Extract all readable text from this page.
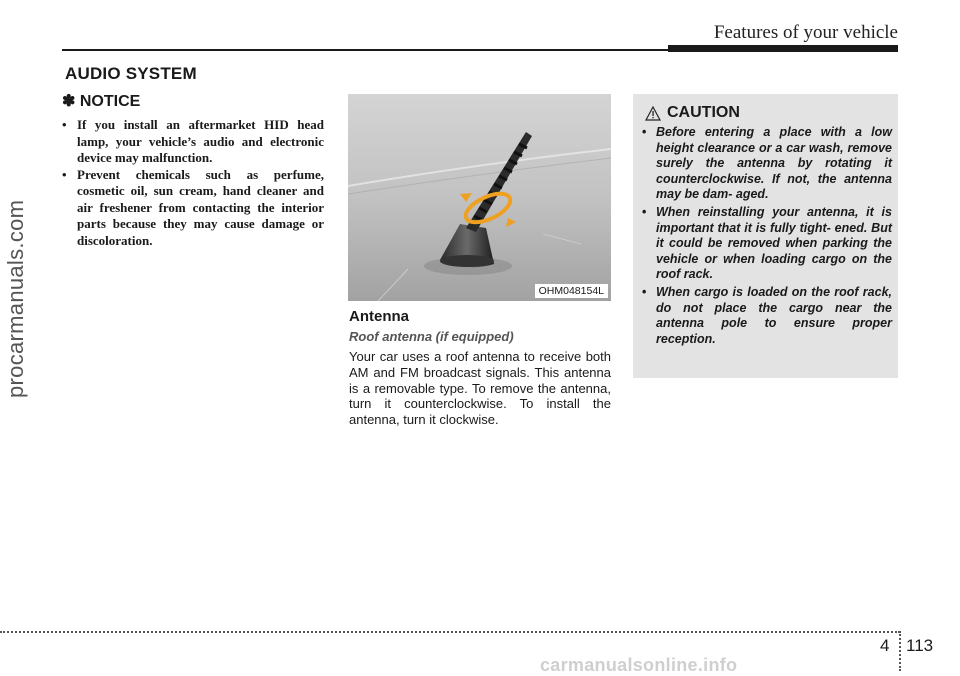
Features of your vehicle
AUDIO SYSTEM
procarmanuals.com
✽ NOTICE
• If you install an aftermarket HID head lamp, your vehicle’s audio and electronic device may malfunction.
• Prevent chemicals such as perfume, cosmetic oil, sun cream, hand cleaner and air freshener from contacting the interior parts because they may cause damage or discoloration.
OHM048154L
Antenna
Roof antenna (if equipped)

Your car uses a roof antenna to receive both AM and FM broadcast signals. This antenna is a removable type. To remove the antenna, turn it counterclockwise. To install the antenna, turn it clockwise.

CAUTION
• Before entering a place with a low height clearance or a car wash, remove surely the antenna by rotating it counterclockwise. If not, the antenna may be dam- aged.
• When reinstalling your antenna, it is important that it is fully tight- ened. But it could be removed when parking the vehicle or when loading cargo on the roof rack.
• When cargo is loaded on the roof rack, do not place the cargo near the antenna pole to ensure proper reception.
4 113
carmanualsonline.info
